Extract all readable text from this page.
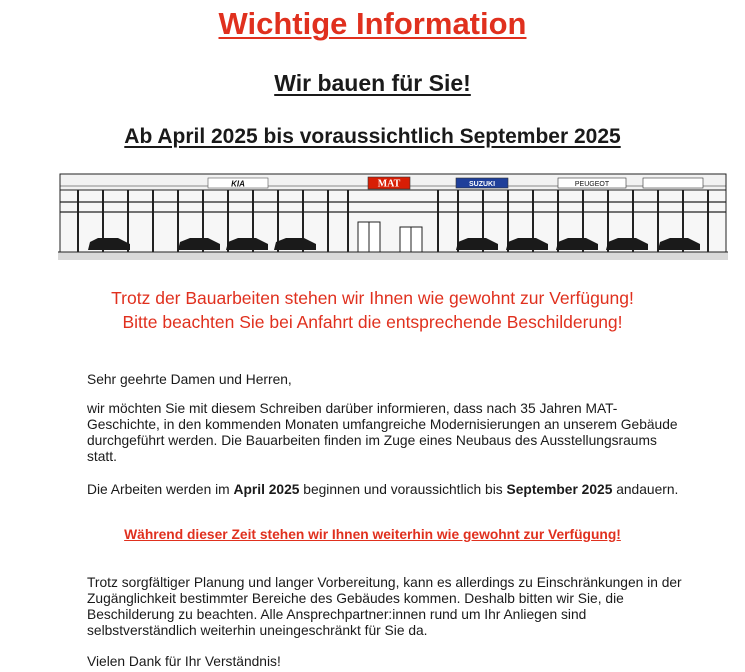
Wichtige Information
Wir bauen für Sie!
Ab April 2025 bis voraussichtlich September 2025
KIA	MAT	SUZUKI	PEUGEOT
Trotz der Bauarbeiten stehen wir Ihnen wie gewohnt zur Verfügung!
Bitte beachten Sie bei Anfahrt die entsprechende Beschilderung!
Sehr geehrte Damen und Herren,
wir möchten Sie mit diesem Schreiben darüber informieren, dass nach 35 Jahren MAT-Geschichte, in den kommenden Monaten umfangreiche Modernisierungen an unserem Gebäude durchgeführt werden. Die Bauarbeiten finden im Zuge eines Neubaus des Ausstellungsraums statt.
Die Arbeiten werden im April 2025 beginnen und voraussichtlich bis September 2025 andauern.
Während dieser Zeit stehen wir Ihnen weiterhin wie gewohnt zur Verfügung!
Trotz sorgfältiger Planung und langer Vorbereitung, kann es allerdings zu Einschränkungen in der Zugänglichkeit bestimmter Bereiche des Gebäudes kommen. Deshalb bitten wir Sie, die Beschilderung zu beachten. Alle Ansprechpartner:innen rund um Ihr Anliegen sind selbstverständlich weiterhin uneingeschränkt für Sie da.
Vielen Dank für Ihr Verständnis!
